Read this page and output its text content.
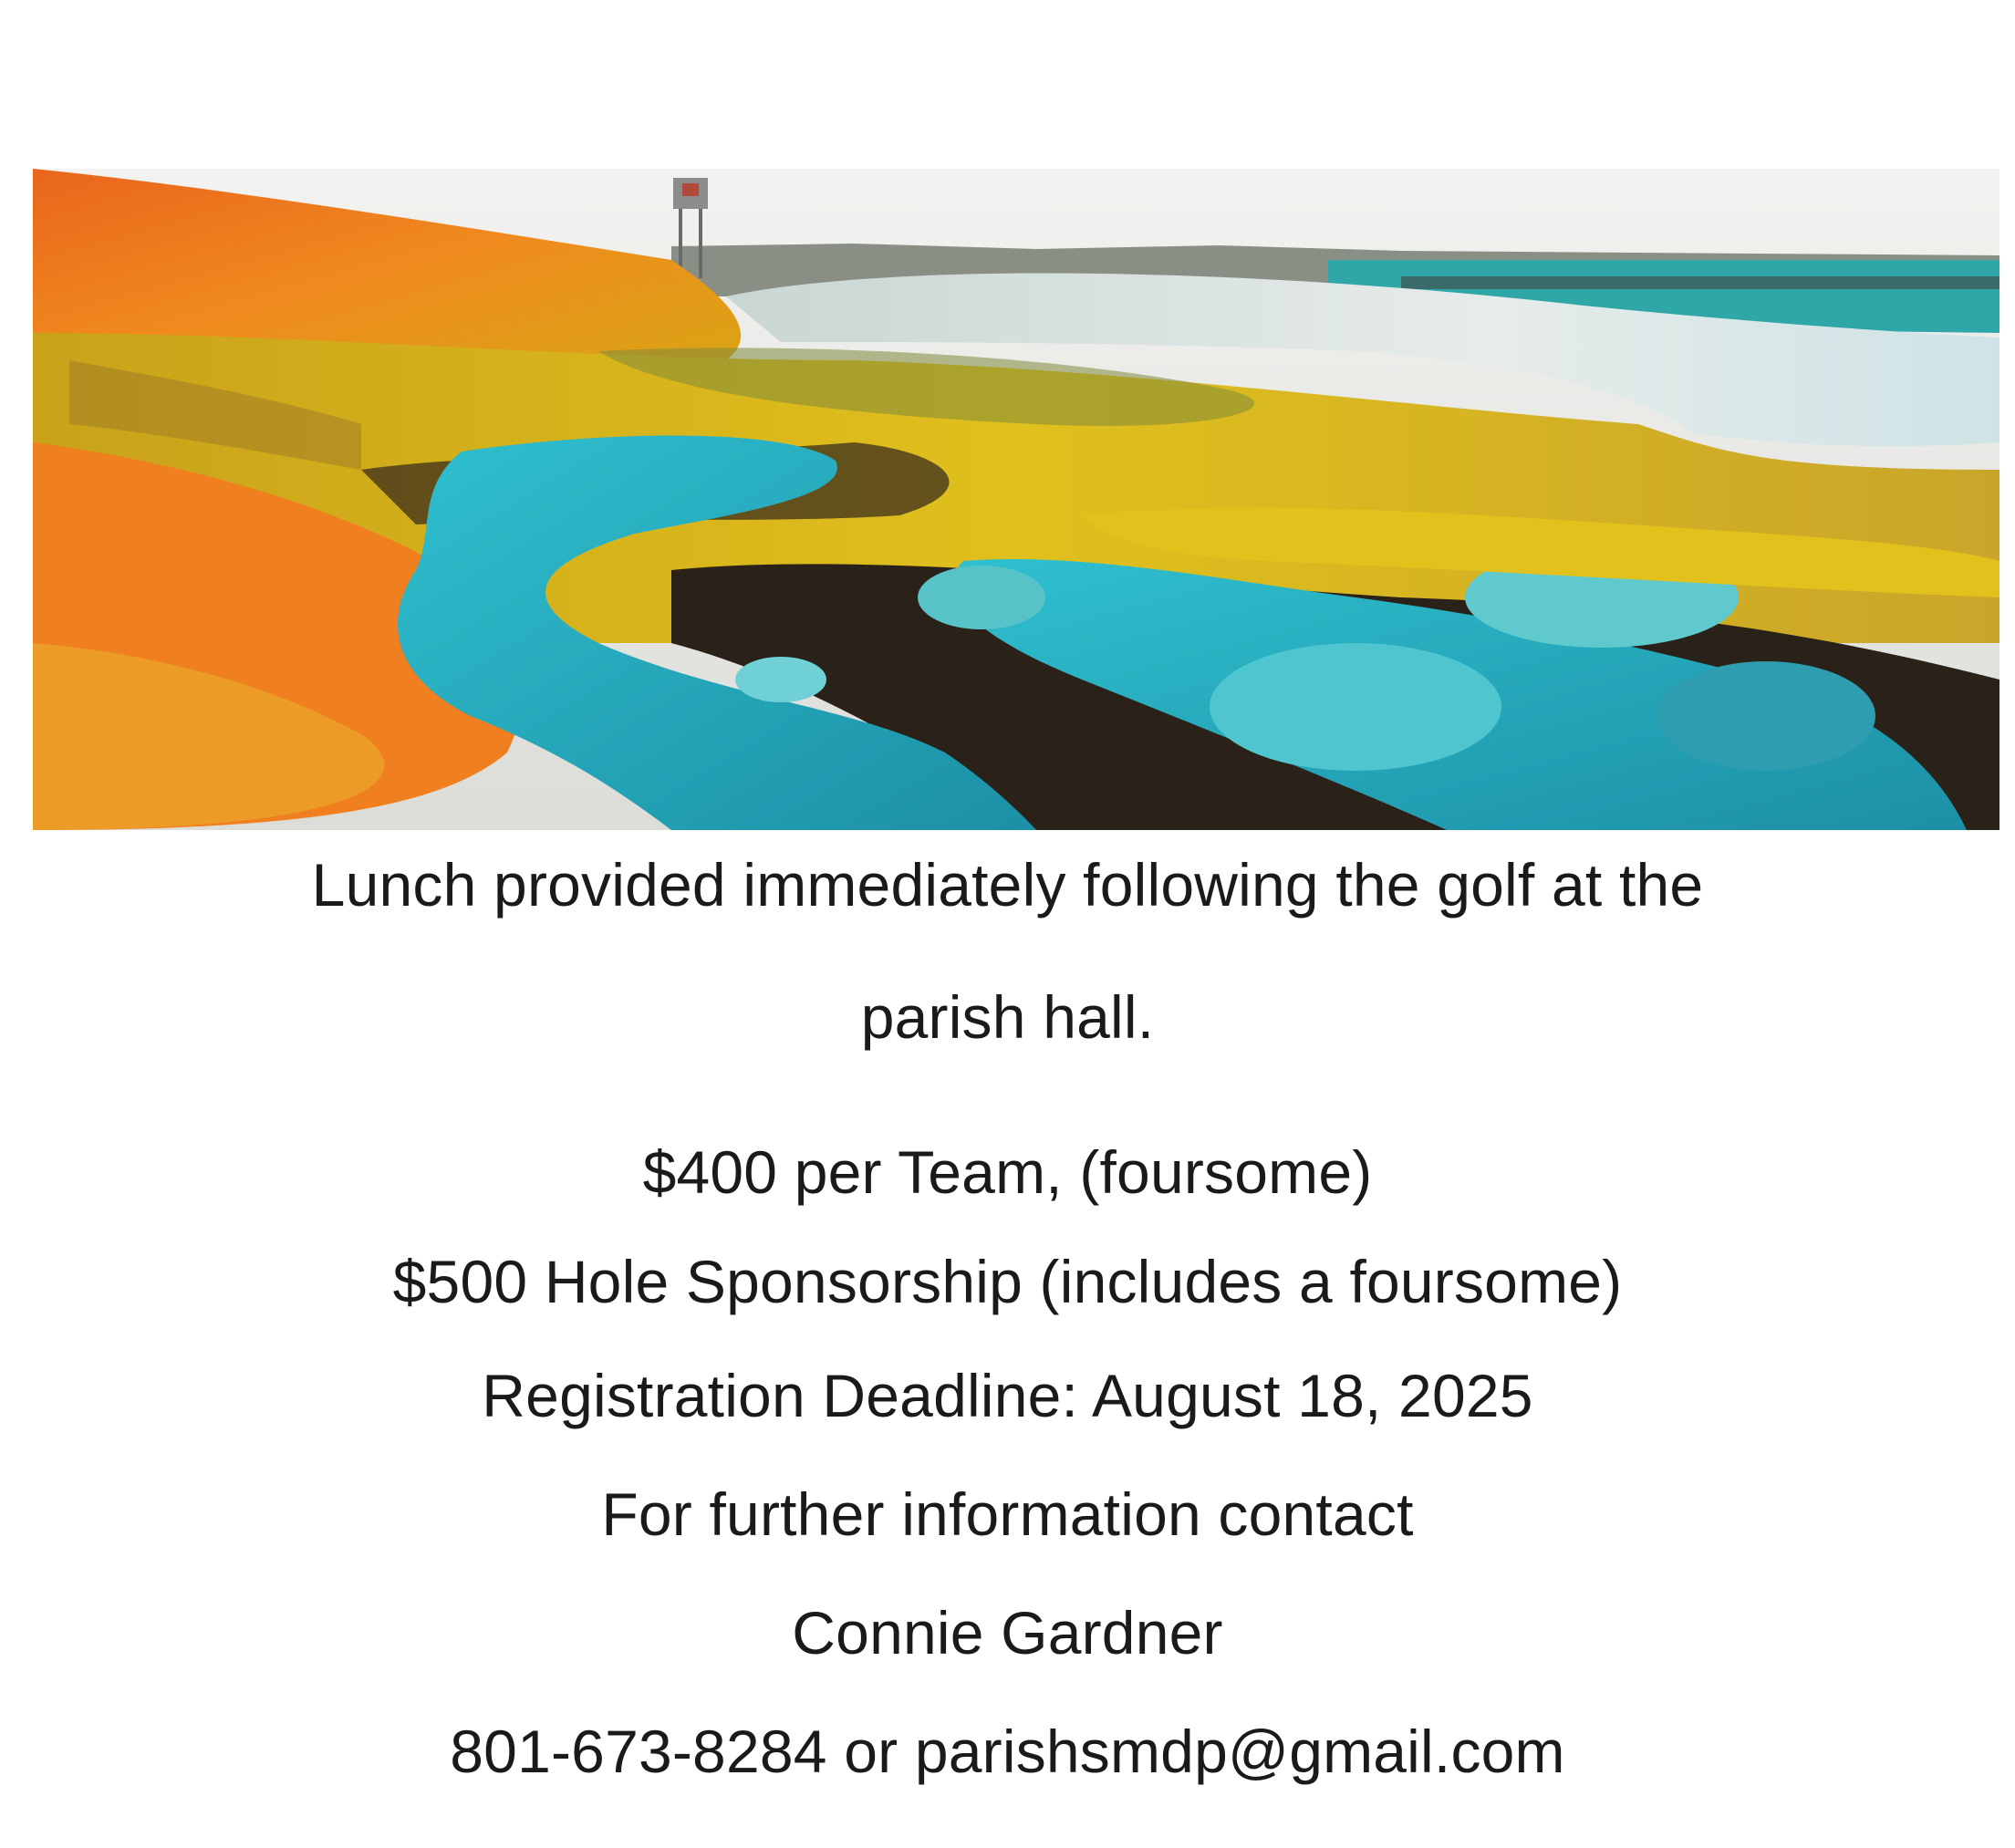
Lunch provided immediately following the golf at the
parish hall.
$400 per Team, (foursome)
$500 Hole Sponsorship (includes a foursome)
Registration Deadline: August 18, 2025
For further information contact
Connie Gardner
801-673-8284 or parishsmdp@gmail.com
